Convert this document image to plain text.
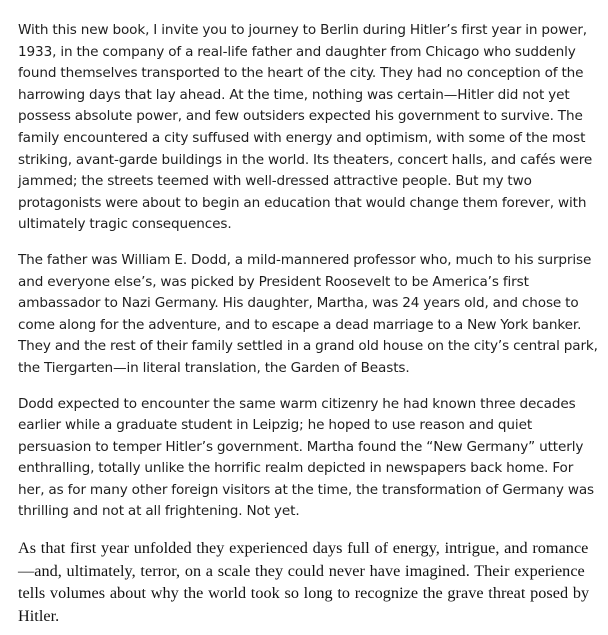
With this new book, I invite you to journey to Berlin during Hitler’s first year in power, 1933, in the company of a real-life father and daughter from Chicago who suddenly found themselves transported to the heart of the city. They had no conception of the harrowing days that lay ahead. At the time, nothing was certain—Hitler did not yet possess absolute power, and few outsiders expected his government to survive. The family encountered a city suffused with energy and optimism, with some of the most striking, avant-garde buildings in the world. Its theaters, concert halls, and cafés were jammed; the streets teemed with well-dressed attractive people. But my two protagonists were about to begin an education that would change them forever, with ultimately tragic consequences.

The father was William E. Dodd, a mild-mannered professor who, much to his surprise and everyone else’s, was picked by President Roosevelt to be America’s first ambassador to Nazi Germany. His daughter, Martha, was 24 years old, and chose to come along for the adventure, and to escape a dead marriage to a New York banker. They and the rest of their family settled in a grand old house on the city’s central park, the Tiergarten—in literal translation, the Garden of Beasts.

Dodd expected to encounter the same warm citizenry he had known three decades earlier while a graduate student in Leipzig; he hoped to use reason and quiet persuasion to temper Hitler’s government. Martha found the “New Germany” utterly enthralling, totally unlike the horrific realm depicted in newspapers back home. For her, as for many other foreign visitors at the time, the transformation of Germany was thrilling and not at all frightening. Not yet.

As that first year unfolded they experienced days full of energy, intrigue, and romance—and, ultimately, terror, on a scale they could never have imagined. Their experience tells volumes about why the world took so long to recognize the grave threat posed by Hitler.
